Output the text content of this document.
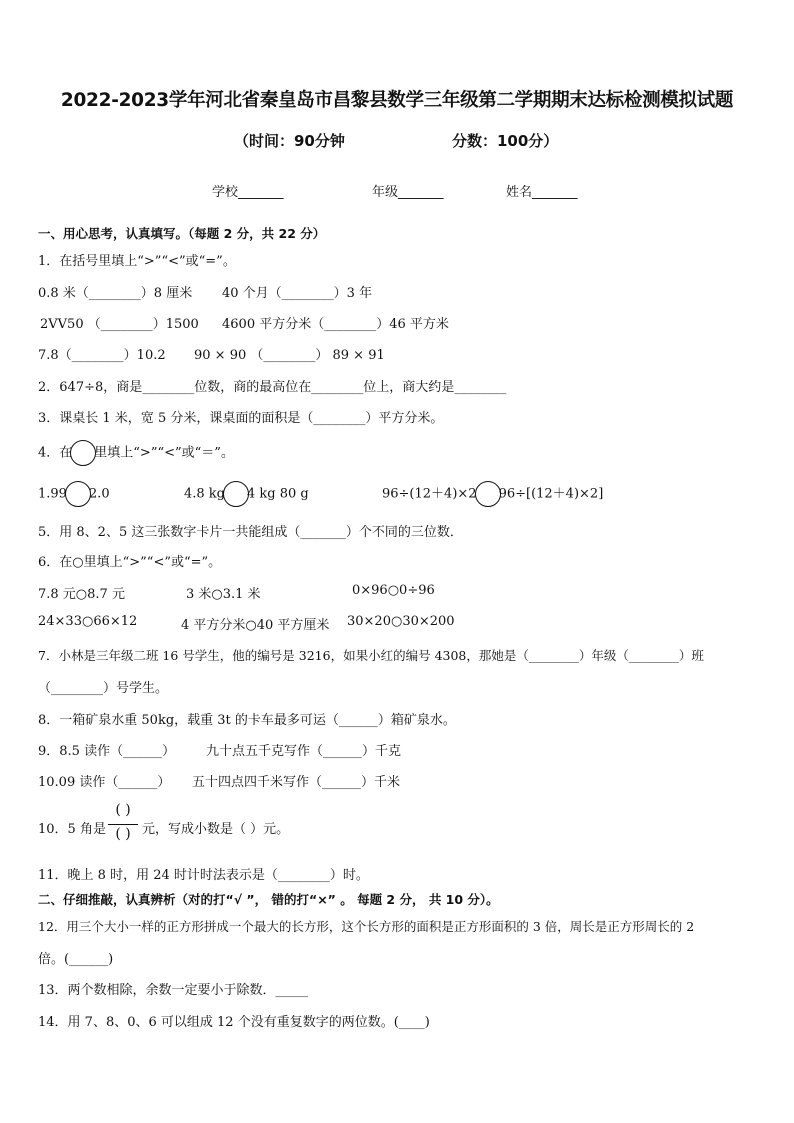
2022-2023学年河北省秦皇岛市昌黎县数学三年级第二学期期末达标检测模拟试题
（时间：90分钟	分数：100分）
学校_______	年级_______	姓名_______
一、用心思考，认真填写。（每题 2 分，共 22 分）
1．在括号里填上“>”“<”或“=”。
0.8 米（________）8 厘米 40 个月（________）3 年
2VV50 （________）1500 4600 平方分米（________）46 平方米
7.8（________）10.2 90 × 90 （________） 89 × 91
2．647÷8，商是________位数，商的最高位在________位上，商大约是________
3．课桌长 1 米，宽 5 分米，课桌面的面积是（________）平方分米。
4．在 里填上“>”“<”或“＝”。
1.99 2.0	4.8 kg 4 kg 80 g	96÷(12＋4)×2 96÷[(12＋4)×2]
5．用 8、2、5 这三张数字卡片一共能组成（_______）个不同的三位数．
6．在○里填上“>”“<”或“=”。
7.8 元○8.7 元	3 米○3.1 米	0×96○0÷96
24×33○66×12	4 平方分米○40 平方厘米 30×20○30×200
7．小林是三年级二班 16 号学生，他的编号是 3216，如果小红的编号 4308，那她是（________）年级（________）班
（________）号学生。
8．一箱矿泉水重 50kg，载重 3t 的卡车最多可运（______）箱矿泉水。
9．8.5 读作（______） 九十点五千克写作（______）千克
10.09 读作（______） 五十四点四千米写作（______）千米
10．5 角是
( )
( ) 元，写成小数是（ ）元。
11．晚上 8 时，用 24 时计时法表示是（________）时。
二、仔细推敲，认真辨析（对的打“√ ”， 错的打“×” 。 每题 2 分， 共 10 分）。
12．用三个大小一样的正方形拼成一个最大的长方形，这个长方形的面积是正方形面积的 3 倍，周长是正方形周长的 2
倍。(______)
13．两个数相除，余数一定要小于除数．_____
14．用 7、8、0、6 可以组成 12 个没有重复数字的两位数。(____)
